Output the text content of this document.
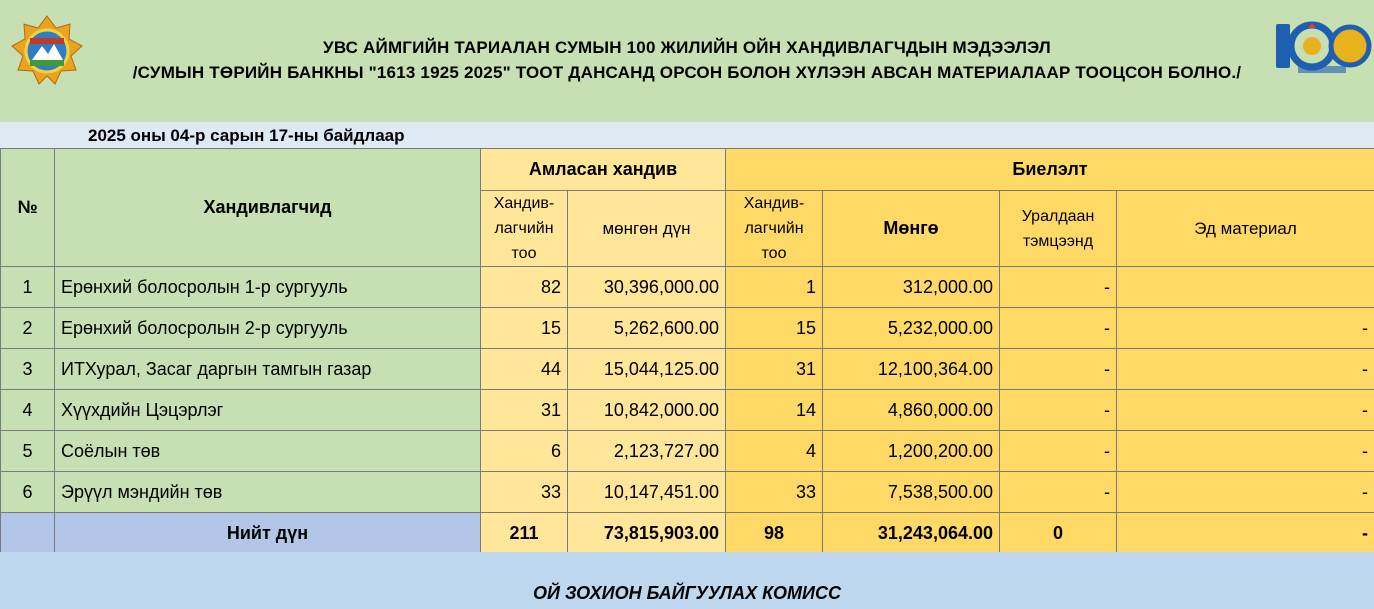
УВС АЙМГИЙН ТАРИАЛАН СУМЫН 100 ЖИЛИЙН ОЙН ХАНДИВЛАГЧДЫН МЭДЭЭЛЭЛ
/СУМЫН ТӨРИЙН БАНКНЫ "1613 1925 2025" ТООТ ДАНСАНД ОРСОН БОЛОН ХҮЛЭЭН АВСАН МАТЕРИАЛААР ТООЦСОН БОЛНО./
2025 оны 04-р сарын 17-ны байдлаар
№	Хандивлагчид	Амласан хандив		Биелэлт			
		Хандив-лагчийн тоо	мөнгөн дүн	Хандив-лагчийн тоо	Мөнгө	Уралдаан тэмцээнд	Эд материал
1	Ерөнхий болосролын 1-р сургууль	82	30,396,000.00	1	312,000.00	-	
2	Ерөнхий болосролын 2-р сургууль	15	5,262,600.00	15	5,232,000.00	-	-
3	ИТХурал, Засаг даргын тамгын газар	44	15,044,125.00	31	12,100,364.00	-	-
4	Хүүхдийн Цэцэрлэг	31	10,842,000.00	14	4,860,000.00	-	-
5	Соёлын төв	6	2,123,727.00	4	1,200,200.00	-	-
6	Эрүүл мэндийн төв	33	10,147,451.00	33	7,538,500.00	-	-
	Нийт дүн	211	73,815,903.00	98	31,243,064.00	0	-
ОЙ ЗОХИОН БАЙГУУЛАХ КОМИСС
